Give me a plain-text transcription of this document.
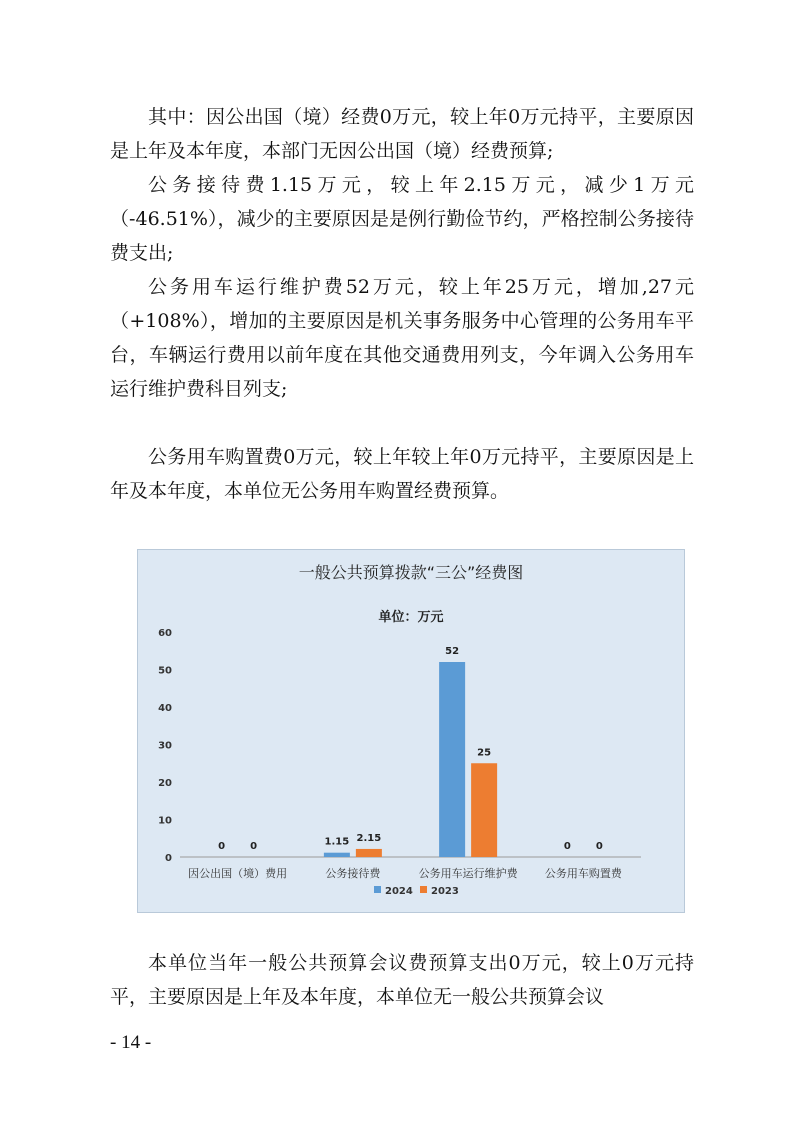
其中：因公出国（境）经费0万元，较上年0万元持平，主要原因是上年及本年度，本部门无因公出国（境）经费预算;

公务接待费1.15万元，较上年2.15万元，减少1万元（-46.51%），减少的主要原因是是例行勤俭节约，严格控制公务接待费支出;

公务用车运行维护费52万元，较上年25万元，增加,27元（+108%），增加的主要原因是机关事务服务中心管理的公务用车平台，车辆运行费用以前年度在其他交通费用列支，今年调入公务用车运行维护费科目列支;

公务用车购置费0万元，较上年较上年0万元持平，主要原因是上年及本年度，本单位无公务用车购置经费预算。

一般公共预算拨款“三公”经费图
单位：万元
0
10
20
30
40
50
60
0	0
因公出国（境）费用
1.15 2.15
公务接待费
52
25
公务用车运行维护费
0	0
公务用车购置费
2024 2023

本单位当年一般公共预算会议费预算支出0万元，较上0万元持平，主要原因是上年及本年度，本单位无一般公共预算会议

- 14 -
